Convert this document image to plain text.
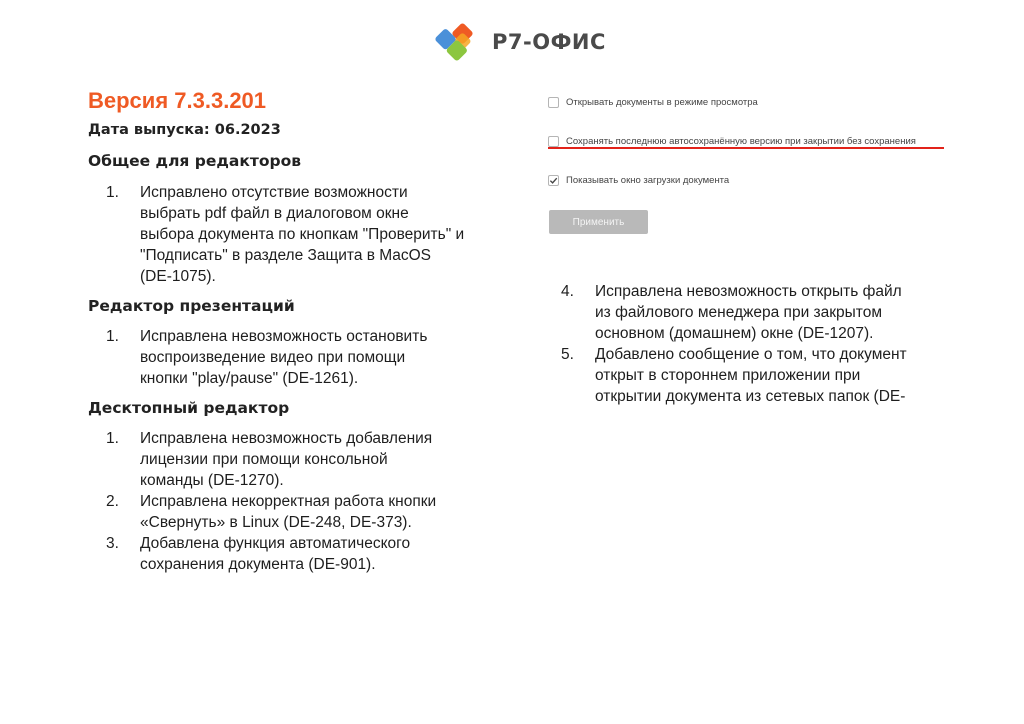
Р7-ОФИС
Версия 7.3.3.201
Дата выпуска: 06.2023
Общее для редакторов
1. Исправлено отсутствие возможности
выбрать pdf файл в диалоговом окне
выбора документа по кнопкам "Проверить" и
"Подписать" в разделе Защита в MacOS
(DE-1075).
Редактор презентаций
1. Исправлена невозможность остановить
воспроизведение видео при помощи
кнопки "play/pause" (DE-1261).
Десктопный редактор
1. Исправлена невозможность добавления
лицензии при помощи консольной
команды (DE-1270).
2. Исправлена некорректная работа кнопки
«Свернуть» в Linux (DE-248, DE-373).
3. Добавлена функция автоматического
сохранения документа (DE-901).
4. Исправлена невозможность открыть файл
из файлового менеджера при закрытом
основном (домашнем) окне (DE-1207).
5. Добавлено сообщение о том, что документ
открыт в стороннем приложении при
открытии документа из сетевых папок (DE-
Открывать документы в режиме просмотра
Сохранять последнюю автосохранённую версию при закрытии без сохранения
Показывать окно загрузки документа
Применить
